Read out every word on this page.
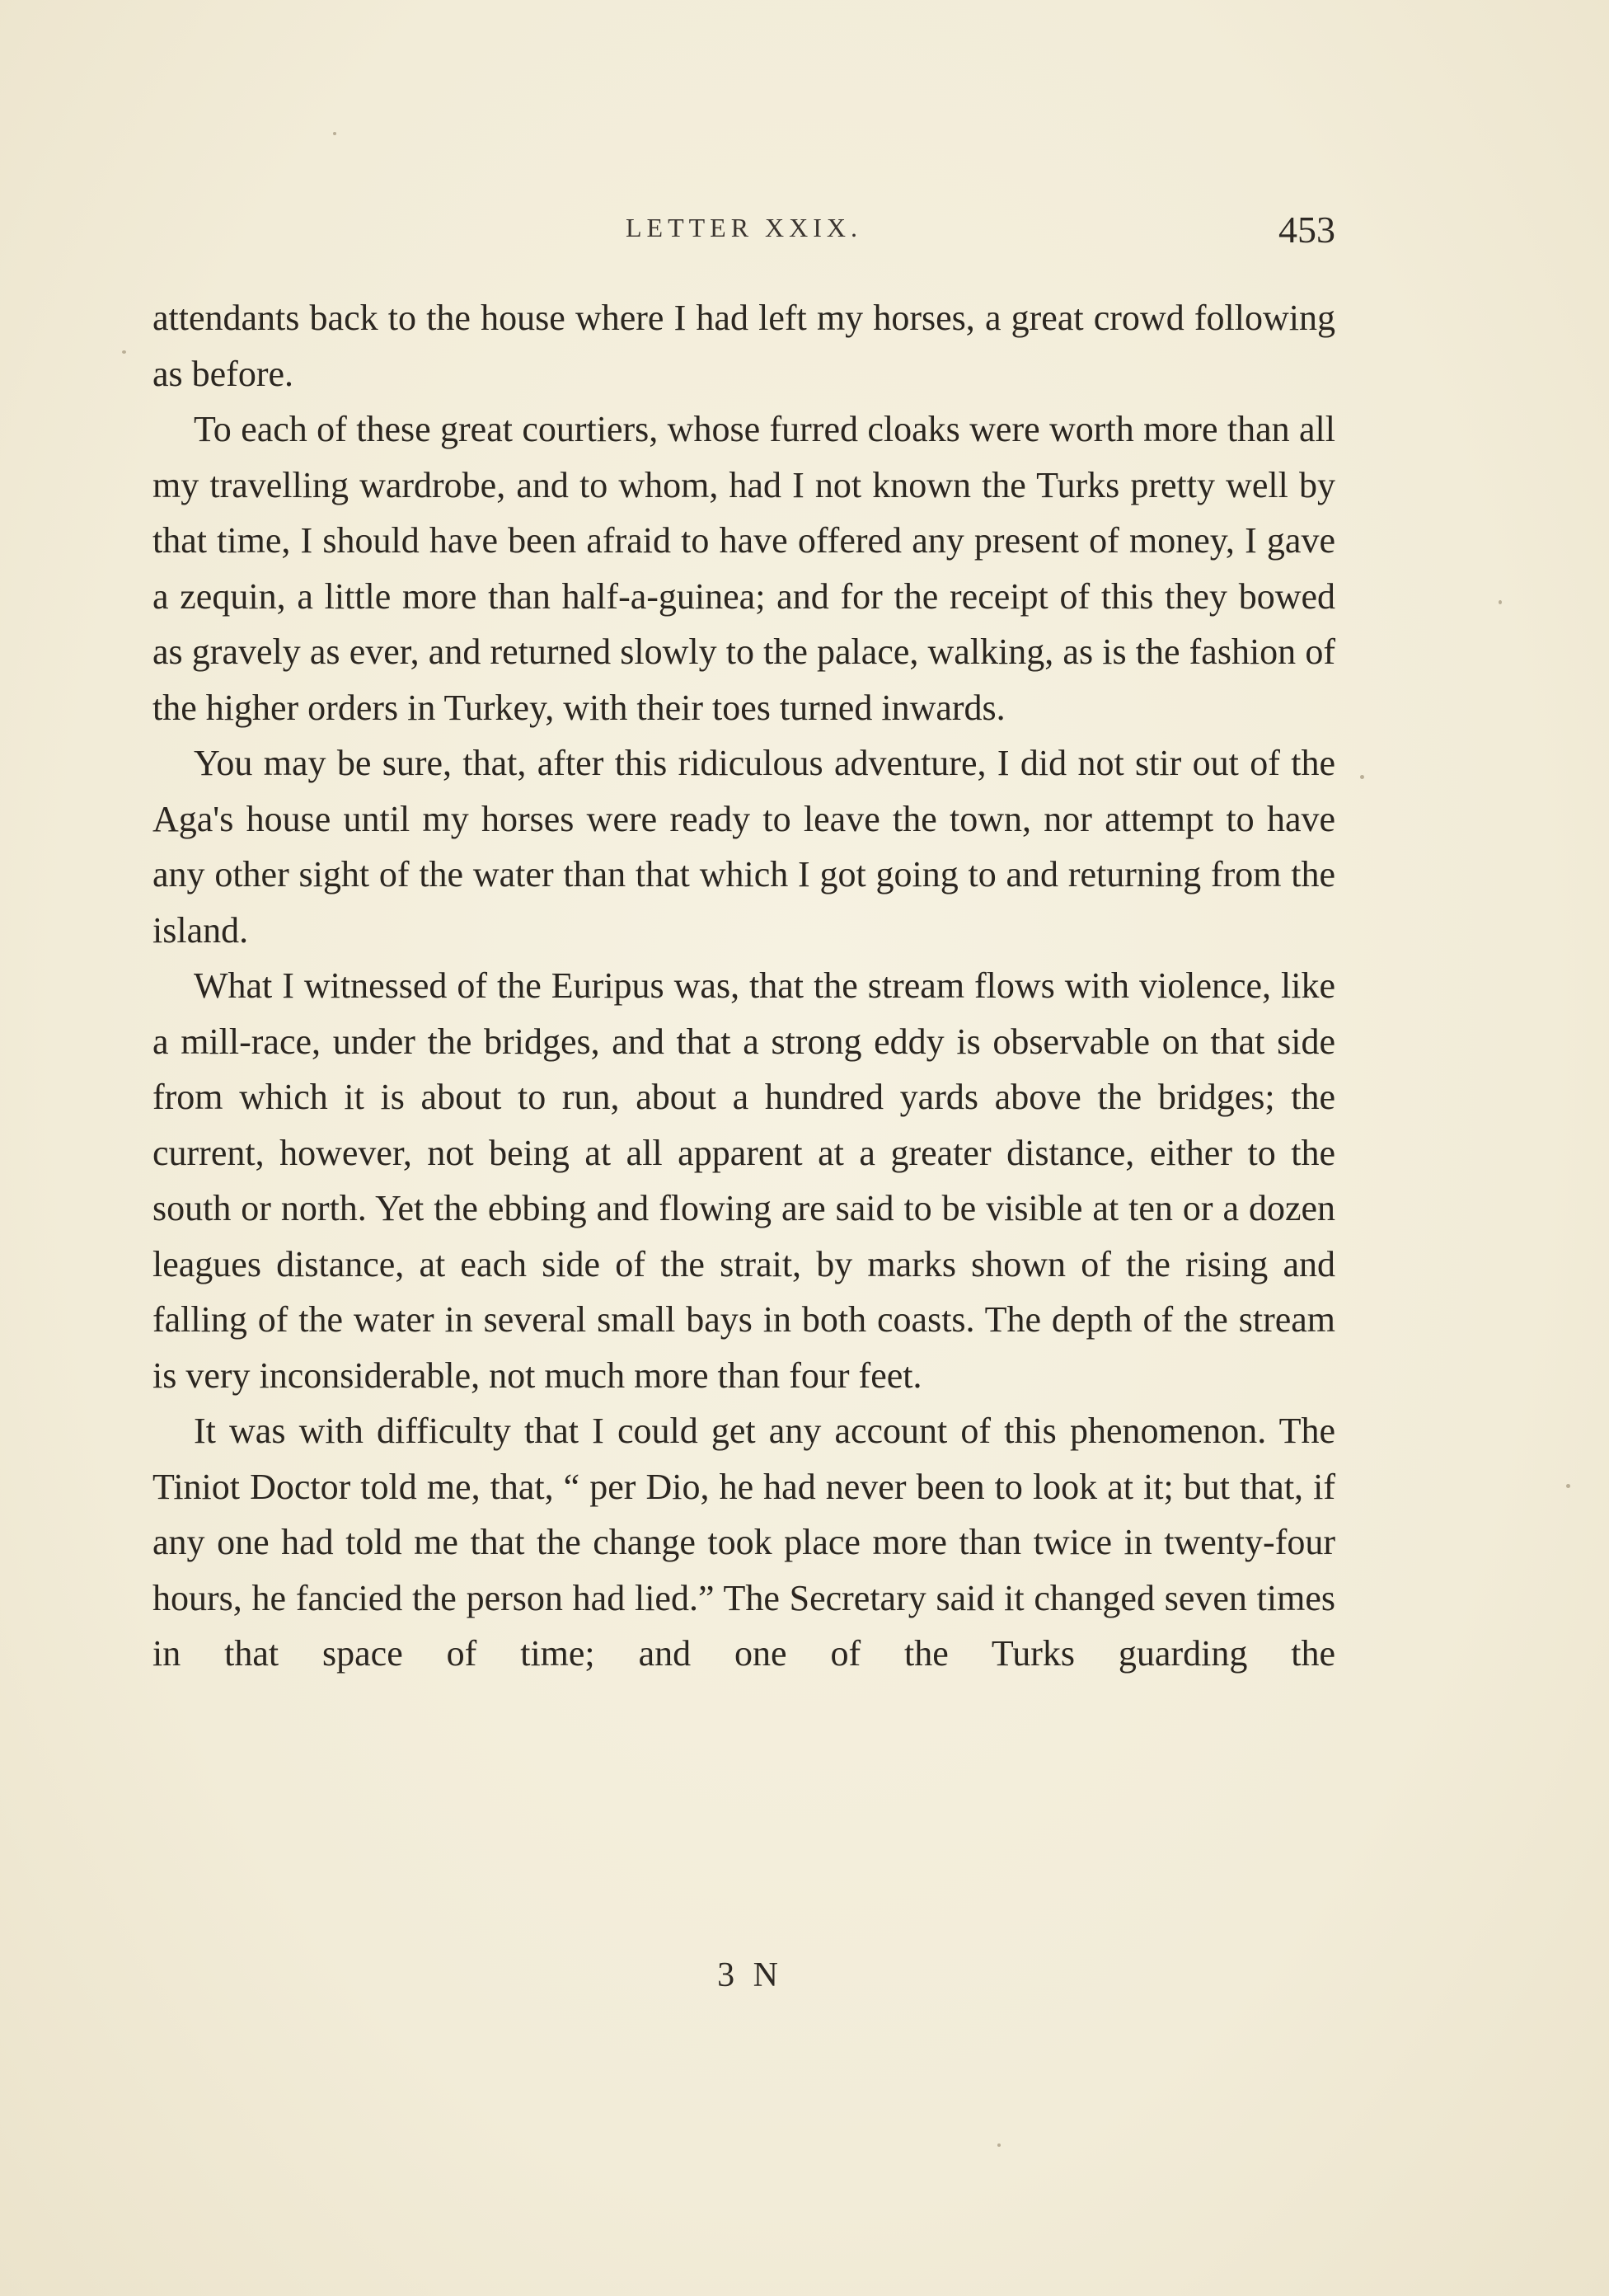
LETTER XXIX.	453

attendants back to the house where I had left my horses, a great crowd following as before.

To each of these great courtiers, whose furred cloaks were worth more than all my travelling wardrobe, and to whom, had I not known the Turks pretty well by that time, I should have been afraid to have offered any present of money, I gave a zequin, a little more than half-a-guinea; and for the receipt of this they bowed as gravely as ever, and returned slowly to the palace, walking, as is the fashion of the higher orders in Turkey, with their toes turned inwards.

You may be sure, that, after this ridiculous adventure, I did not stir out of the Aga's house until my horses were ready to leave the town, nor attempt to have any other sight of the water than that which I got going to and returning from the island.

What I witnessed of the Euripus was, that the stream flows with violence, like a mill-race, under the bridges, and that a strong eddy is observable on that side from which it is about to run, about a hundred yards above the bridges; the current, however, not being at all apparent at a greater distance, either to the south or north. Yet the ebbing and flowing are said to be visible at ten or a dozen leagues distance, at each side of the strait, by marks shown of the rising and falling of the water in several small bays in both coasts. The depth of the stream is very inconsiderable, not much more than four feet.

It was with difficulty that I could get any account of this phenomenon. The Tiniot Doctor told me, that, “ per Dio, he had never been to look at it; but that, if any one had told me that the change took place more than twice in twenty-four hours, he fancied the person had lied.” The Secretary said it changed seven times in that space of time; and one of the Turks guarding the

3 N
